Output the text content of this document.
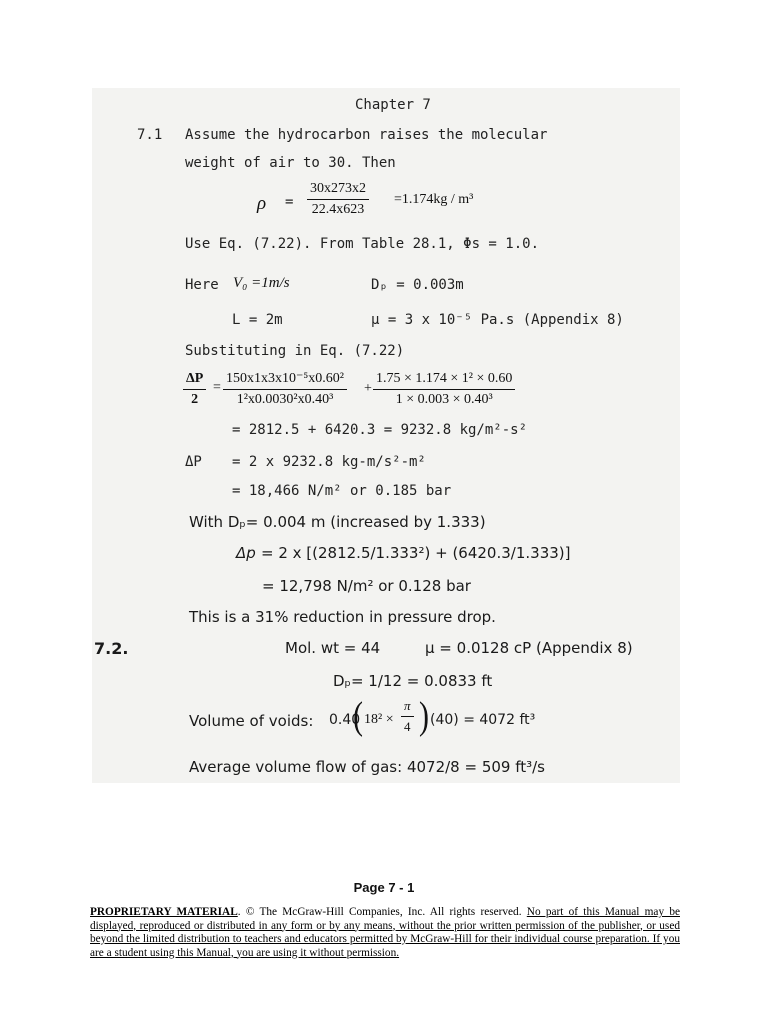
Chapter 7
7.1 Assume the hydrocarbon raises the molecular
weight of air to 30. Then
$\rho = \frac{30x273x2}{22.4x623} =1.174kg / m^3$
Use Eq. (7.22). From Table 28.1, Φs = 1.0.
Here V₀ =1m/s	Dₚ = 0.003m
L = 2m	μ = 3 x 10⁻⁵ Pa.s (Appendix 8)
Substituting in Eq. (7.22)
$\frac{\Delta P}{2} = \frac{\text{150x1x3x10⁻⁵x0.60²}}{\text{1²x0.0030²x0.40³}} + \frac{\text{1.75 × 1.174 × 1² × 0.60}}{\text{1 × 0.003 × 0.40³}}$
= 2812.5 + 6420.3 = 9232.8 kg/m²-s²
ΔP = 2 x 9232.8 kg-m/s²-m²
= 18,466 N/m² or 0.185 bar
With Dₚ= 0.004 m (increased by 1.333)
Δp = 2 x [(2812.5/1.333²) + (6420.3/1.333)]
= 12,798 N/m² or 0.128 bar
This is a 31% reduction in pressure drop.
7.2.	Mol. wt = 44	μ = 0.0128 cP (Appendix 8)
Dₚ= 1/12 = 0.0833 ft
Volume of voids: 0.40
( $18^2 \times \frac{\pi}{4}$ ) (40) = 4072 ft³
Average volume flow of gas: 4072/8 = 509 ft³/s
Page 7 - 1
PROPRIETARY MATERIAL. © The McGraw-Hill Companies, Inc. All rights reserved. No part of this Manual may be displayed, reproduced or distributed in any form or by any means, without the prior written permission of the publisher, or used beyond the limited distribution to teachers and educators permitted by McGraw-Hill for their individual course preparation. If you are a student using this Manual, you are using it without permission.
